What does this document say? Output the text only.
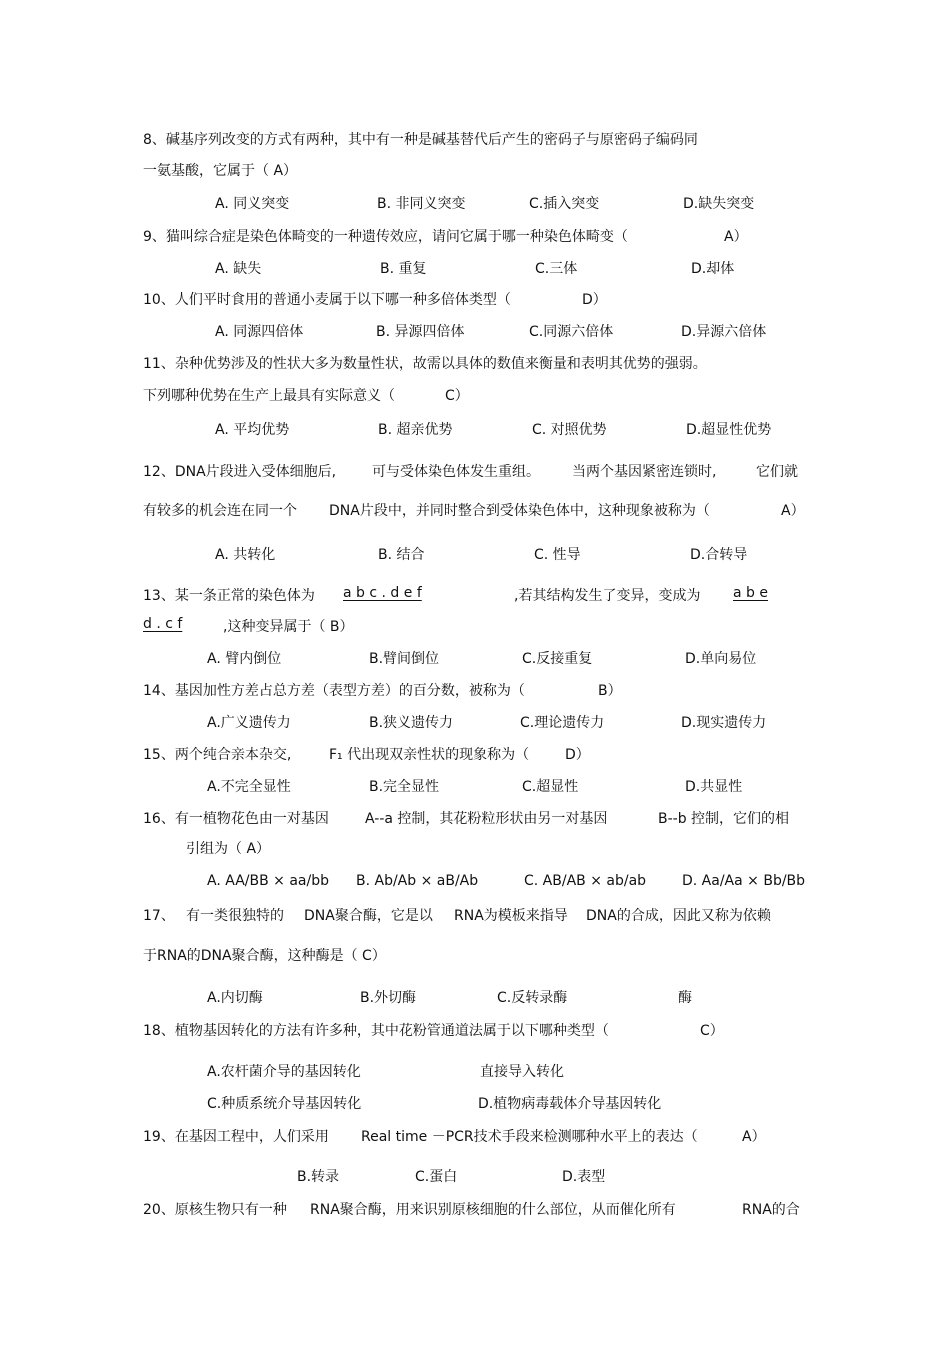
8、碱基序列改变的方式有两种，其中有一种是碱基替代后产生的密码子与原密码子编码同
一氨基酸，它属于（ A）
A. 同义突变	B. 非同义突变	C.插入突变	D.缺失突变
9、猫叫综合症是染色体畸变的一种遗传效应，请问它属于哪一种染色体畸变（	A）
A. 缺失	B. 重复	C.三体	D.却体
10、人们平时食用的普通小麦属于以下哪一种多倍体类型（	D）
A. 同源四倍体	B. 异源四倍体	C.同源六倍体	D.异源六倍体
11、杂种优势涉及的性状大多为数量性状，故需以具体的数值来衡量和表明其优势的强弱。
下列哪种优势在生产上最具有实际意义（	C）
A. 平均优势	B. 超亲优势	C. 对照优势	D.超显性优势
12、DNA片段进入受体细胞后,	可与受体染色体发生重组。 当两个基因紧密连锁时,	它们就
有较多的机会连在同一个 DNA片段中，并同时整合到受体染色体中，这种现象被称为（	A）
A. 共转化	B. 结合	C. 性导	D.合转导
13、某一条正常的染色体为 a b c . d e f	,若其结构发生了变异，变成为 a b e
d . c f	,这种变异属于（ B）
A. 臂内倒位	B.臂间倒位	C.反接重复	D.单向易位
14、基因加性方差占总方差（表型方差）的百分数，被称为（	B）
A.广义遗传力	B.狭义遗传力	C.理论遗传力	D.现实遗传力
15、两个纯合亲本杂交,	F₁ 代出现双亲性状的现象称为（	D）
A.不完全显性	B.完全显性	C.超显性	D.共显性
16、有一植物花色由一对基因	A--a 控制，其花粉粒形状由另一对基因	B--b 控制，它们的相
引组为（ A）
A. AA/BB × aa/bb B. Ab/Ab × aB/Ab	C. AB/AB × ab/ab	D. Aa/Aa × Bb/Bb
17、 有一类很独特的 DNA聚合酶，它是以 RNA为模板来指导 DNA的合成，因此又称为依赖
于RNA的DNA聚合酶，这种酶是（ C）
A.内切酶	B.外切酶	C.反转录酶	酶
18、植物基因转化的方法有许多种，其中花粉管通道法属于以下哪种类型（	C）
A.农杆菌介导的基因转化	直接导入转化
C.种质系统介导基因转化	D.植物病毒载体介导基因转化
19、在基因工程中，人们采用 Real time －PCR技术手段来检测哪种水平上的表达（	A）
B.转录	C.蛋白	D.表型
20、原核生物只有一种 RNA聚合酶，用来识别原核细胞的什么部位，从而催化所有	RNA的合
